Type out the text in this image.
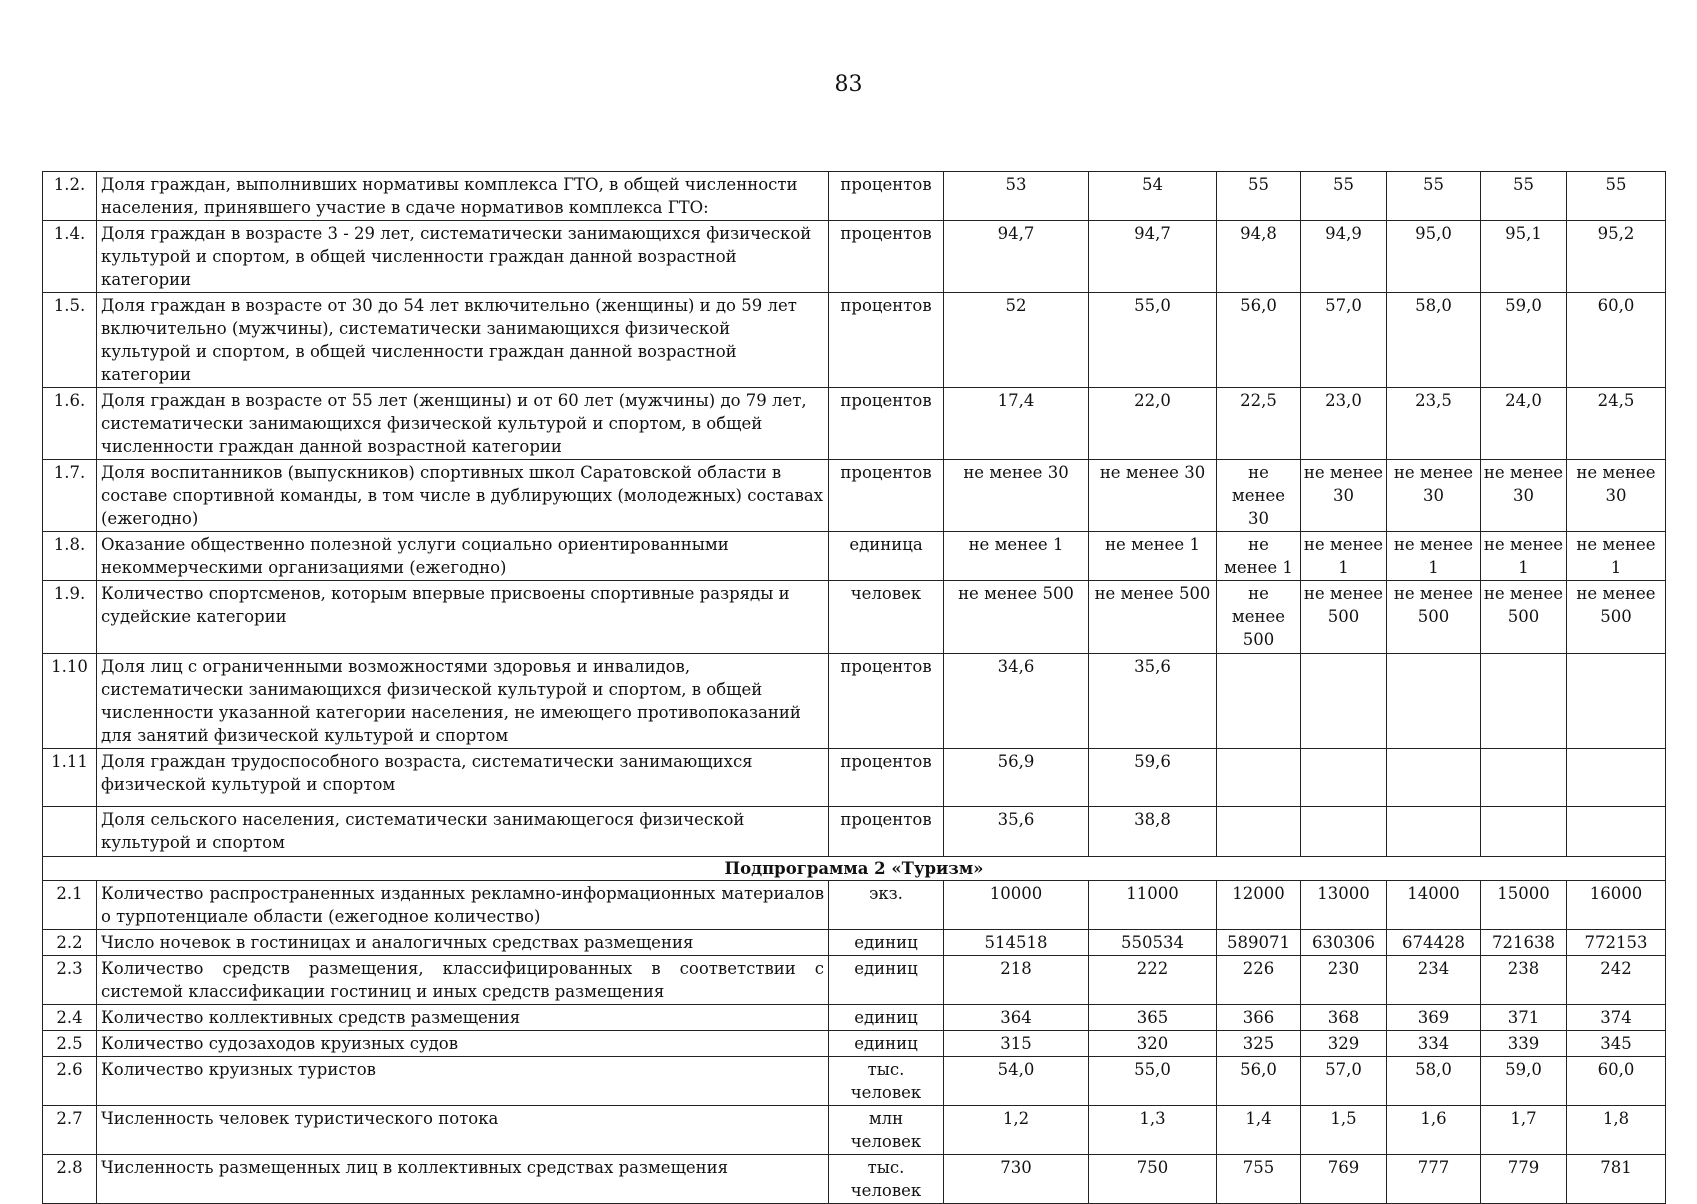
83
1.2.	Доля граждан, выполнивших нормативы комплекса ГТО, в общей численности населения, принявшего участие в сдаче нормативов комплекса ГТО:	процентов	53	54	55	55	55	55	55
1.4.	Доля граждан в возрасте 3 - 29 лет, систематически занимающихся физической культурой и спортом, в общей численности граждан данной возрастной категории	процентов	94,7	94,7	94,8	94,9	95,0	95,1	95,2
1.5.	Доля граждан в возрасте от 30 до 54 лет включительно (женщины) и до 59 лет включительно (мужчины), систематически занимающихся физической культурой и спортом, в общей численности граждан данной возрастной категории	процентов	52	55,0	56,0	57,0	58,0	59,0	60,0
1.6.	Доля граждан в возрасте от 55 лет (женщины) и от 60 лет (мужчины) до 79 лет, систематически занимающихся физической культурой и спортом, в общей численности граждан данной возрастной категории	процентов	17,4	22,0	22,5	23,0	23,5	24,0	24,5
1.7.	Доля воспитанников (выпускников) спортивных школ Саратовской области в составе спортивной команды, в том числе в дублирующих (молодежных) составах (ежегодно)	процентов	не менее 30	не менее 30	не менее 30	не менее 30	не менее 30	не менее 30	не менее 30
1.8.	Оказание общественно полезной услуги социально ориентированными некоммерческими организациями (ежегодно)	единица	не менее 1	не менее 1	не менее 1	не менее 1	не менее 1	не менее 1	не менее 1
1.9.	Количество спортсменов, которым впервые присвоены спортивные разряды и судейские категории	человек	не менее 500	не менее 500	не менее 500	не менее 500	не менее 500	не менее 500	не менее 500
1.10	Доля лиц с ограниченными возможностями здоровья и инвалидов, систематически занимающихся физической культурой и спортом, в общей численности указанной категории населения, не имеющего противопоказаний для занятий физической культурой и спортом	процентов	34,6	35,6					
1.11	Доля граждан трудоспособного возраста, систематически занимающихся физической культурой и спортом	процентов	56,9	59,6					
	Доля сельского населения, систематически занимающегося физической культурой и спортом	процентов	35,6	38,8					
Подпрограмма 2 «Туризм»									
2.1	Количество распространенных изданных рекламно-информационных материалов о турпотенциале области (ежегодное количество)	экз.	10000	11000	12000	13000	14000	15000	16000
2.2	Число ночевок в гостиницах и аналогичных средствах размещения	единиц	514518	550534	589071	630306	674428	721638	772153
2.3	Количество средств размещения, классифицированных в соответствии с системой классификации гостиниц и иных средств размещения	единиц	218	222	226	230	234	238	242
2.4	Количество коллективных средств размещения	единиц	364	365	366	368	369	371	374
2.5	Количество судозаходов круизных судов	единиц	315	320	325	329	334	339	345
2.6	Количество круизных туристов	тыс. человек	54,0	55,0	56,0	57,0	58,0	59,0	60,0
2.7	Численность человек туристического потока	млн человек	1,2	1,3	1,4	1,5	1,6	1,7	1,8
2.8	Численность размещенных лиц в коллективных средствах размещения	тыс. человек	730	750	755	769	777	779	781
